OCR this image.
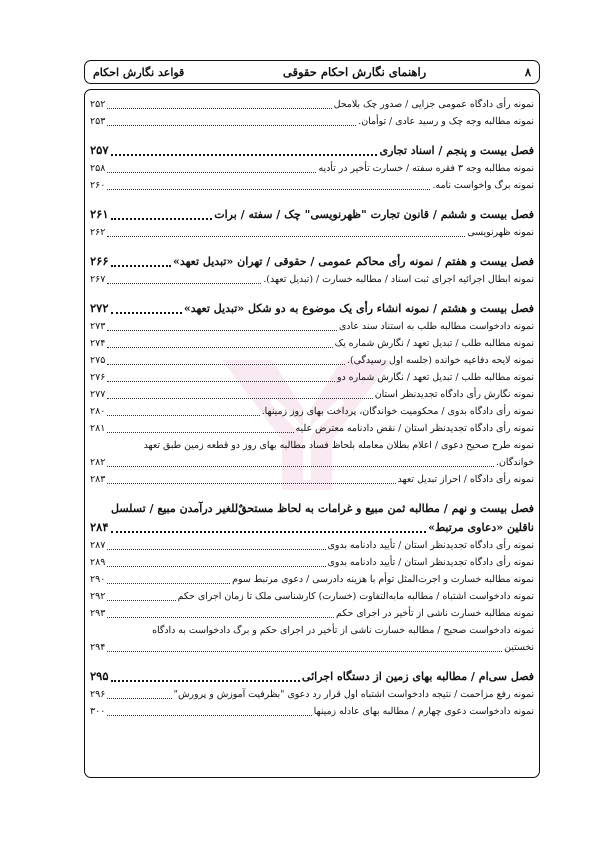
۸
راهنمای نگارش احکام حقوقی
قواعد نگارش احکام
نمونه رأی دادگاه عمومی جزایی / صدور چک بلامحل
۲۵۲
نمونه مطالبه وجه چک و رسید عادی / توأمان.
۲۵۳
فصل بیست و پنجم / اسناد تجاری
۲۵۷
نمونه مطالبه وجه ۳ فقره سفته / خسارت تأخیر در تأدیه
۲۵۸
نمونه برگ واخواست نامه.
۲۶۰
فصل بیست و ششم / قانون تجارت "ظهرنویسی" چک / سفته / برات
۲۶۱
نمونه ظهرنویسی
۲۶۲
فصل بیست و هفتم / نمونه رأی محاکم عمومی / حقوقی / تهران «تبدیل تعهد»
۲۶۶
نمونه ابطال اجرائیه اجرای ثبت اسناد / مطالبه خسارت / (تبدیل تعهد).
۲۶۷
فصل بیست و هشتم / نمونه انشاء رأی یک موضوع به دو شکل «تبدیل تعهد»
۲۷۲
نمونه دادخواست مطالبه طلب به استناد سند عادی
۲۷۳
نمونه مطالبه طلب / تبدیل تعهد / نگارش شماره یک
۲۷۴
نمونه لایحه دفاعیه خوانده (جلسه اول رسیدگی).
۲۷۵
نمونه مطالبه طلب / تبدیل تعهد / نگارش شماره دو
۲۷۶
نمونه نگارش رأی دادگاه تجدیدنظر استان
۲۷۷
نمونه رأی دادگاه بدوی / محکومیت خواندگان، پرداخت بهای روز زمینها.
۲۸۰
نمونه رأی دادگاه تجدیدنظر استان / نقض دادنامه معترض علیه
۲۸۱
نمونه طرح صحیح دعوی / اعلام بطلان معامله بلحاظ فساد مطالبه بهای روز دو قطعه زمین طبق تعهد
خواندگان.
۲۸۲
نمونه رأی دادگاه / احراز تبدیل تعهد
۲۸۳
فصل بیست و نهم / مطالبه ثمن مبیع و غرامات به لحاظ مستحقٌ‌للغیر درآمدن مبیع / تسلسل
ناقلین «دعاوی مرتبط»
۲۸۴
نمونه رأی دادگاه تجدیدنظر استان / تأیید دادنامه بدوی
۲۸۷
نمونه رأی دادگاه تجدیدنظر استان / تأیید دادنامه بدوی
۲۸۹
نمونه مطالبه خسارت و اجرت‌المثل توأم با هزینه دادرسی / دعوی مرتبط سوم
۲۹۰
نمونه دادخواست اشتباه / مطالبه مابه‌التفاوت (خسارت) کارشناسی ملک تا زمان اجرای حکم
۲۹۲
نمونه مطالبه خسارت ناشی از تأخیر در اجرای حکم
۲۹۳
نمونه دادخواست صحیح / مطالبه خسارت ناشی از تأخیر در اجرای حکم و برگ دادخواست به دادگاه
نخستین
۲۹۴
فصل سی‌ام / مطالبه بهای زمین از دستگاه اجرائی
۲۹۵
نمونه رفع مزاحمت / نتیجه دادخواست اشتباه اول قرار رد دعوی "بظرفیت آموزش و پرورش"
۲۹۶
نمونه دادخواست دعوی چهارم / مطالبه بهای عادله زمینها
۳۰۰
